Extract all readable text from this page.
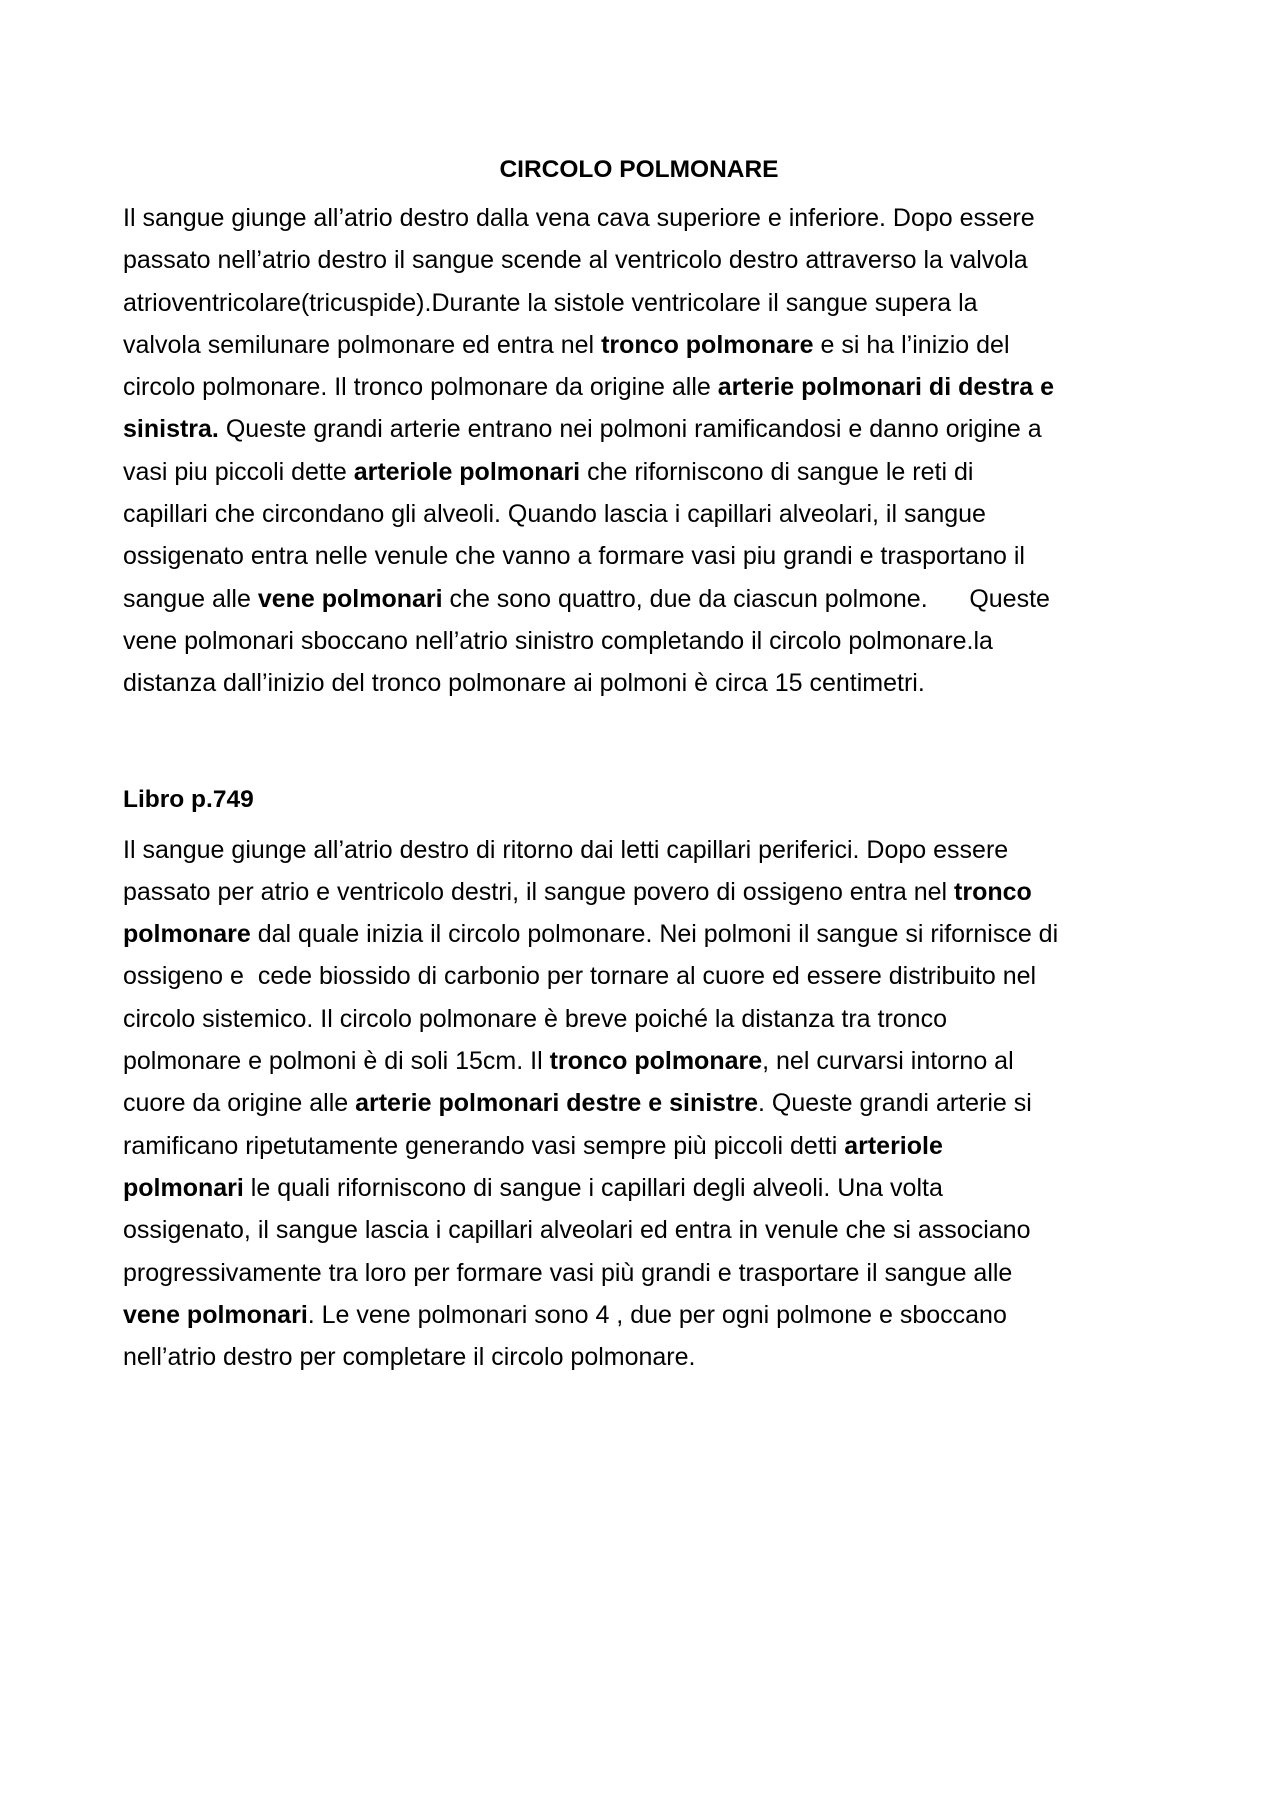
CIRCOLO POLMONARE
Il sangue giunge all’atrio destro dalla vena cava superiore e inferiore. Dopo essere
passato nell’atrio destro il sangue scende al ventricolo destro attraverso la valvola
atrioventricolare(tricuspide).Durante la sistole ventricolare il sangue supera la
valvola semilunare polmonare ed entra nel tronco polmonare e si ha l’inizio del
circolo polmonare. Il tronco polmonare da origine alle arterie polmonari di destra e
sinistra. Queste grandi arterie entrano nei polmoni ramificandosi e danno origine a
vasi piu piccoli dette arteriole polmonari che riforniscono di sangue le reti di
capillari che circondano gli alveoli. Quando lascia i capillari alveolari, il sangue
ossigenato entra nelle venule che vanno a formare vasi piu grandi e trasportano il
sangue alle vene polmonari che sono quattro, due da ciascun polmone.      Queste
vene polmonari sboccano nell’atrio sinistro completando il circolo polmonare.la
distanza dall’inizio del tronco polmonare ai polmoni è circa 15 centimetri.
Libro p.749
Il sangue giunge all’atrio destro di ritorno dai letti capillari periferici. Dopo essere
passato per atrio e ventricolo destri, il sangue povero di ossigeno entra nel tronco
polmonare dal quale inizia il circolo polmonare. Nei polmoni il sangue si rifornisce di
ossigeno e  cede biossido di carbonio per tornare al cuore ed essere distribuito nel
circolo sistemico. Il circolo polmonare è breve poiché la distanza tra tronco
polmonare e polmoni è di soli 15cm. Il tronco polmonare, nel curvarsi intorno al
cuore da origine alle arterie polmonari destre e sinistre. Queste grandi arterie si
ramificano ripetutamente generando vasi sempre più piccoli detti arteriole
polmonari le quali riforniscono di sangue i capillari degli alveoli. Una volta
ossigenato, il sangue lascia i capillari alveolari ed entra in venule che si associano
progressivamente tra loro per formare vasi più grandi e trasportare il sangue alle
vene polmonari. Le vene polmonari sono 4 , due per ogni polmone e sboccano
nell’atrio destro per completare il circolo polmonare.
